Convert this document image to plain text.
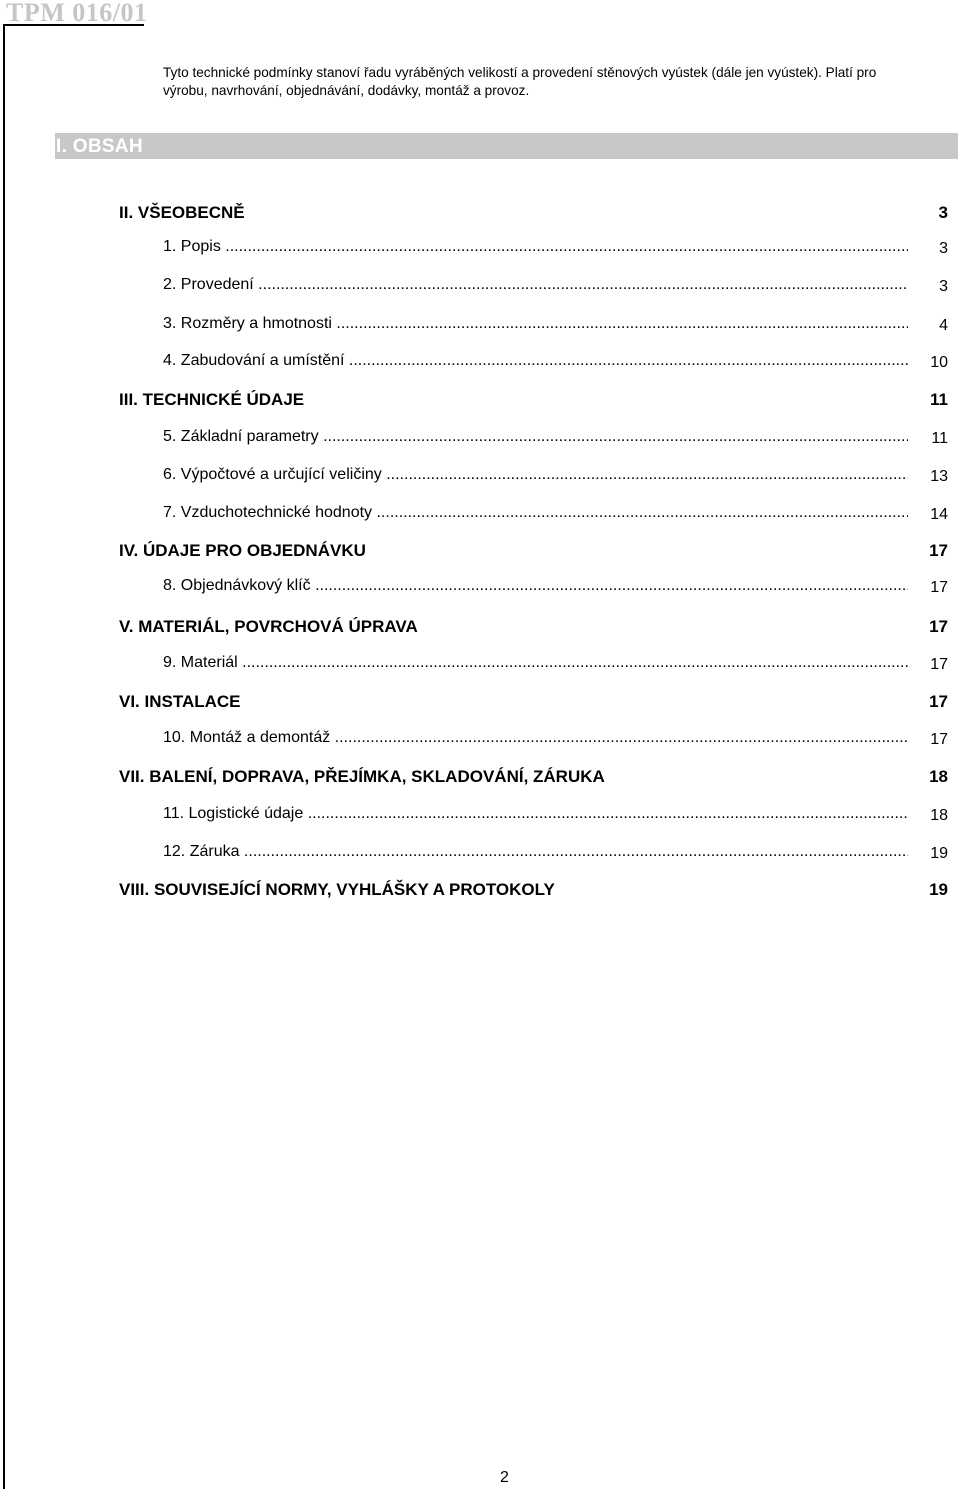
TPM 016/01
Tyto technické podmínky stanoví řadu vyráběných velikostí a provedení stěnových vyústek (dále jen vyústek). Platí pro
výrobu, navrhování, objednávání, dodávky, montáž a provoz.
I. OBSAH
II. VŠEOBECNĚ	3
1. Popis .....	3
2. Provedení .....	3
3. Rozměry a hmotnosti .....	4
4. Zabudování a umístění .....	10
III. TECHNICKÉ ÚDAJE	11
5. Základní parametry .....	11
6. Výpočtové a určující veličiny .....	13
7. Vzduchotechnické hodnoty .....	14
IV. ÚDAJE PRO OBJEDNÁVKU	17
8. Objednávkový klíč .....	17
V. MATERIÁL, POVRCHOVÁ ÚPRAVA	17
9. Materiál .....	17
VI. INSTALACE	17
10. Montáž a demontáž .....	17
VII. BALENÍ, DOPRAVA, PŘEJÍMKA, SKLADOVÁNÍ, ZÁRUKA	18
11. Logistické údaje .....	18
12. Záruka .....	19
VIII. SOUVISEJÍCÍ NORMY, VYHLÁŠKY A PROTOKOLY	19
2
